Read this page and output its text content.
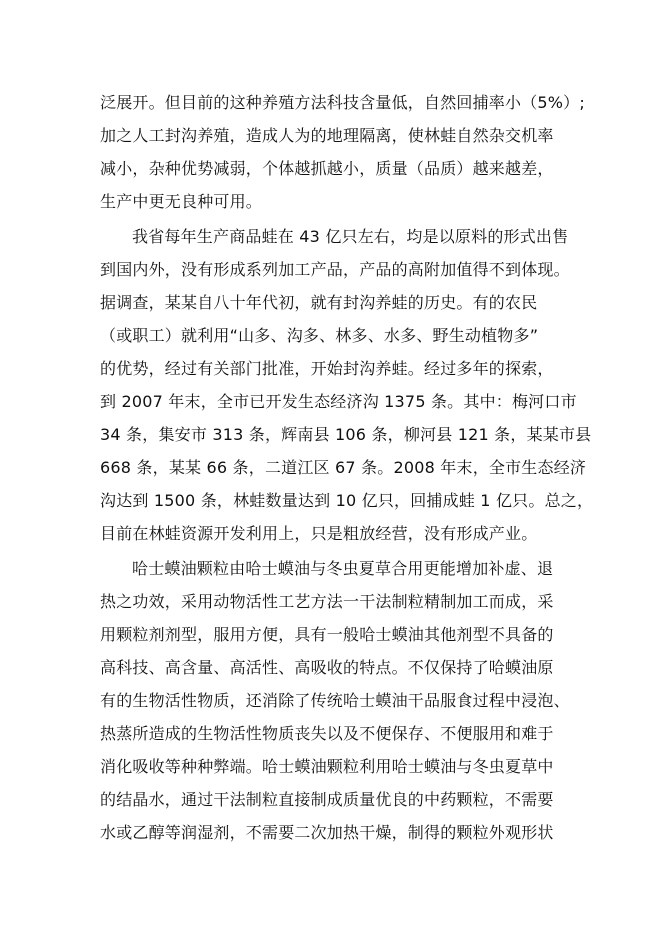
泛展开。但目前的这种养殖方法科技含量低，自然回捕率小（5%）;
加之人工封沟养殖，造成人为的地理隔离，使林蛙自然杂交机率
减小，杂种优势减弱，个体越抓越小，质量（品质）越来越差，
生产中更无良种可用。
我省每年生产商品蛙在 43 亿只左右，均是以原料的形式出售
到国内外，没有形成系列加工产品，产品的高附加值得不到体现。
据调查，某某自八十年代初，就有封沟养蛙的历史。有的农民
（或职工）就利用“山多、沟多、林多、水多、野生动植物多”
的优势，经过有关部门批准，开始封沟养蛙。经过多年的探索，
到 2007 年末，全市已开发生态经济沟 1375 条。其中：梅河口市
34 条，集安市 313 条，辉南县 106 条，柳河县 121 条，某某市县
668 条，某某 66 条，二道江区 67 条。2008 年末，全市生态经济
沟达到 1500 条，林蛙数量达到 10 亿只，回捕成蛙 1 亿只。总之，
目前在林蛙资源开发利用上，只是粗放经营，没有形成产业。
哈士蟆油颗粒由哈士蟆油与冬虫夏草合用更能增加补虚、退
热之功效，采用动物活性工艺方法一干法制粒精制加工而成，采
用颗粒剂剂型，服用方便，具有一般哈士蟆油其他剂型不具备的
高科技、高含量、高活性、高吸收的特点。不仅保持了哈蟆油原
有的生物活性物质，还消除了传统哈士蟆油干品服食过程中浸泡、
热蒸所造成的生物活性物质丧失以及不便保存、不便服用和难于
消化吸收等种种弊端。哈士蟆油颗粒利用哈士蟆油与冬虫夏草中
的结晶水，通过干法制粒直接制成质量优良的中药颗粒，不需要
水或乙醇等润湿剂，不需要二次加热干燥，制得的颗粒外观形状
